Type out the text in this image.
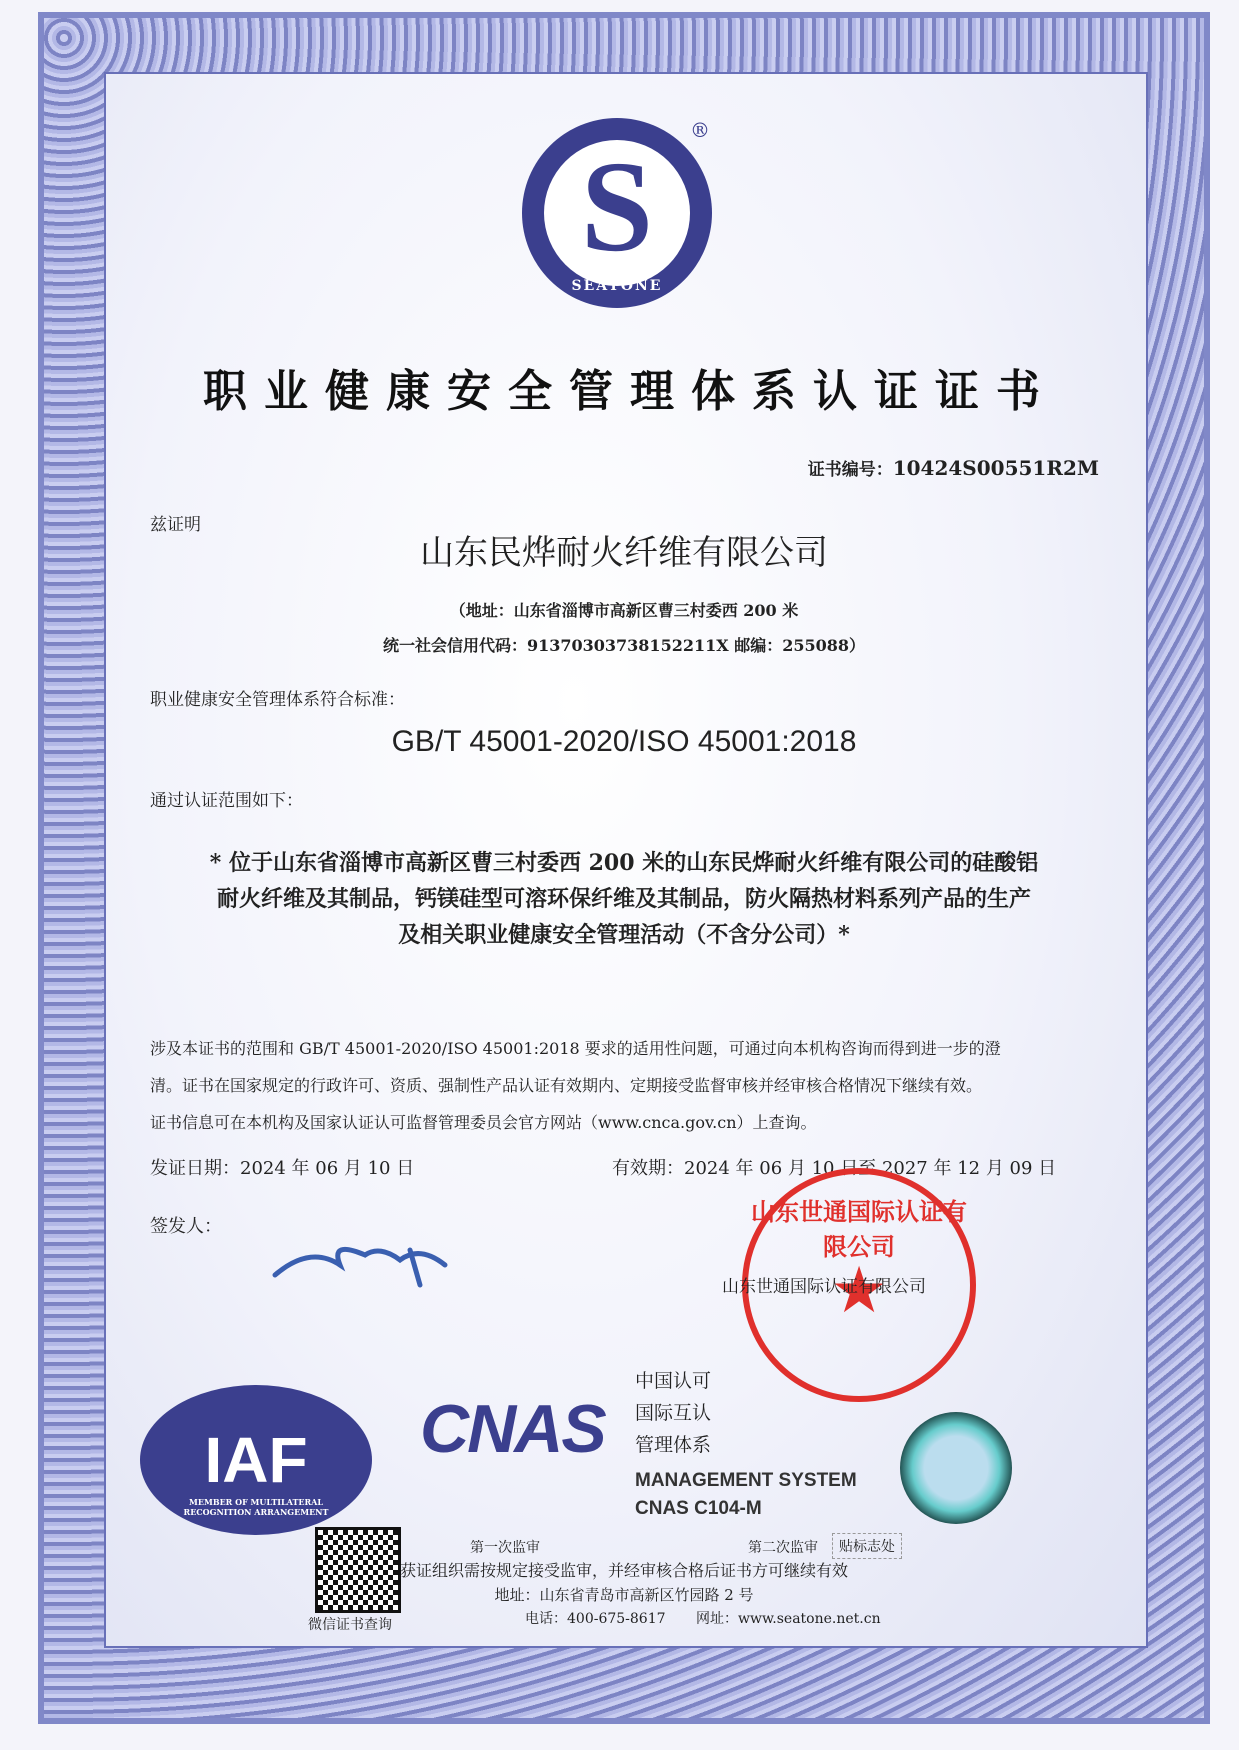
S
SEATONE
®
职业健康安全管理体系认证证书
证书编号：10424S00551R2M
兹证明
山东民烨耐火纤维有限公司
（地址：山东省淄博市高新区曹三村委西 200 米
统一社会信用代码：91370303738152211X 邮编：255088）
职业健康安全管理体系符合标准：
GB/T 45001-2020/ISO 45001:2018
通过认证范围如下：
* 位于山东省淄博市高新区曹三村委西 200 米的山东民烨耐火纤维有限公司的硅酸铝
耐火纤维及其制品，钙镁硅型可溶环保纤维及其制品，防火隔热材料系列产品的生产
及相关职业健康安全管理活动（不含分公司）*
涉及本证书的范围和 GB/T 45001-2020/ISO 45001:2018 要求的适用性问题，可通过向本机构咨询而得到进一步的澄
清。证书在国家规定的行政许可、资质、强制性产品认证有效期内、定期接受监督审核并经审核合格情况下继续有效。
证书信息可在本机构及国家认证认可监督管理委员会官方网站（www.cnca.gov.cn）上查询。
发证日期：2024 年 06 月 10 日	有效期：2024 年 06 月 10 日至 2027 年 12 月 09 日
签发人：
山东世通国际认证有限公司
★
山东世通国际认证有限公司
IAF
MEMBER OF MULTILATERAL RECOGNITION ARRANGEMENT
CNAS
中国认可
国际互认
管理体系
MANAGEMENT SYSTEM
CNAS C104-M
微信证书查询
第一次监审	第二次监审	贴标志处
获证组织需按规定接受监审，并经审核合格后证书方可继续有效
地址：山东省青岛市高新区竹园路 2 号
电话：400-675-8617 网址：www.seatone.net.cn
